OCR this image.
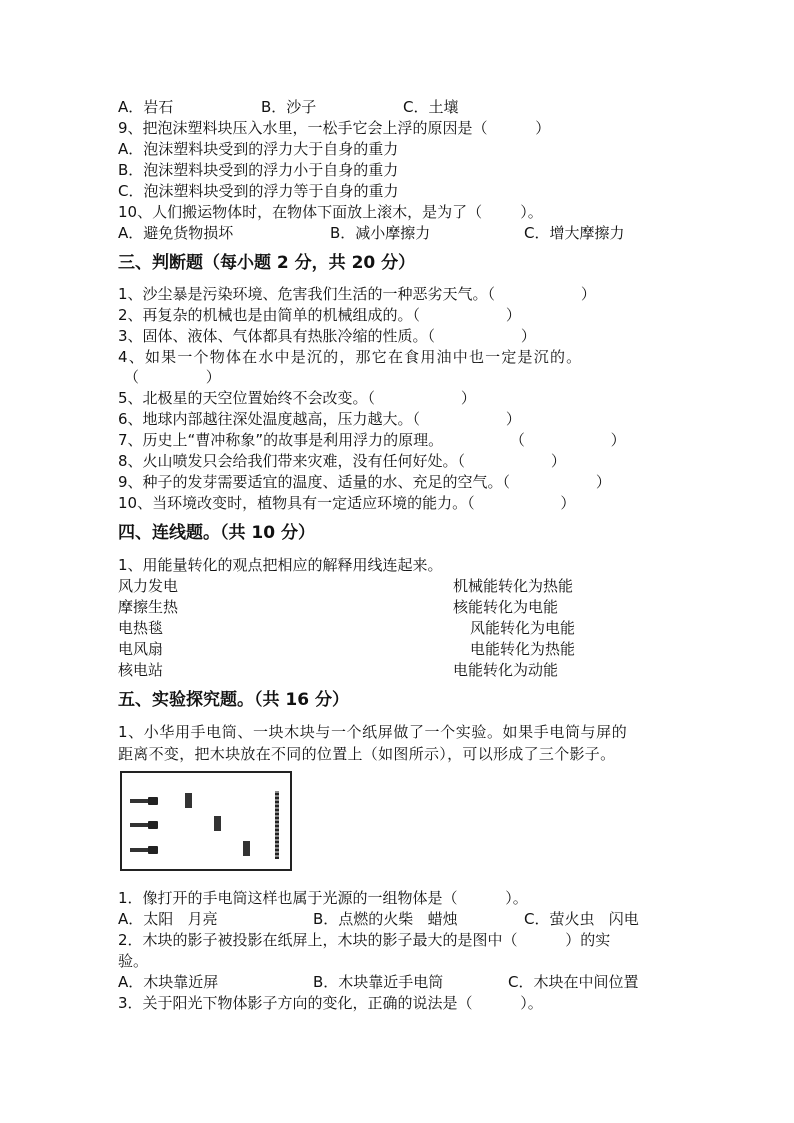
A．岩石	B．沙子	C．土壤

9、把泡沫塑料块压入水里，一松手它会上浮的原因是（          ）

A．泡沫塑料块受到的浮力大于自身的重力

B．泡沫塑料块受到的浮力小于自身的重力

C．泡沫塑料块受到的浮力等于自身的重力

10、人们搬运物体时，在物体下面放上滚木，是为了（        ）。

A．避免货物损坏	B．减小摩擦力	C．增大摩擦力
三、判断题（每小题 2 分，共 20 分）

1、沙尘暴是污染环境、危害我们生活的一种恶劣天气。（                  ）

2、再复杂的机械也是由简单的机械组成的。（                  ）

3、固体、液体、气体都具有热胀冷缩的性质。（                  ）

4、如果一个物体在水中是沉的，那它在食用油中也一定是沉的。

（              ）

5、北极星的天空位置始终不会改变。（                  ）

6、地球内部越往深处温度越高，压力越大。（                  ）

7、历史上“曹冲称象”的故事是利用浮力的原理。              （                  ）

8、火山喷发只会给我们带来灾难，没有任何好处。（                  ）

9、种子的发芽需要适宜的温度、适量的水、充足的空气。（                  ）

10、当环境改变时，植物具有一定适应环境的能力。（                  ）

四、连线题。（共 10 分）

1、用能量转化的观点把相应的解释用线连起来。

风力发电
摩擦生热
电热毯
电风扇
核电站
机械能转化为热能
核能转化为电能
风能转化为电能
电能转化为热能
电能转化为动能
五、实验探究题。（共 16 分）

1、小华用手电筒、一块木块与一个纸屏做了一个实验。如果手电筒与屏的

距离不变，把木块放在不同的位置上（如图所示），可以形成了三个影子。

1．像打开的手电筒这样也属于光源的一组物体是（          ）。

A．太阳   月亮	B．点燃的火柴   蜡烛	C．萤火虫   闪电

2．木块的影子被投影在纸屏上，木块的影子最大的是图中（          ）的实

验。

A．木块靠近屏	B．木块靠近手电筒	C．木块在中间位置

3．关于阳光下物体影子方向的变化，正确的说法是（          ）。
